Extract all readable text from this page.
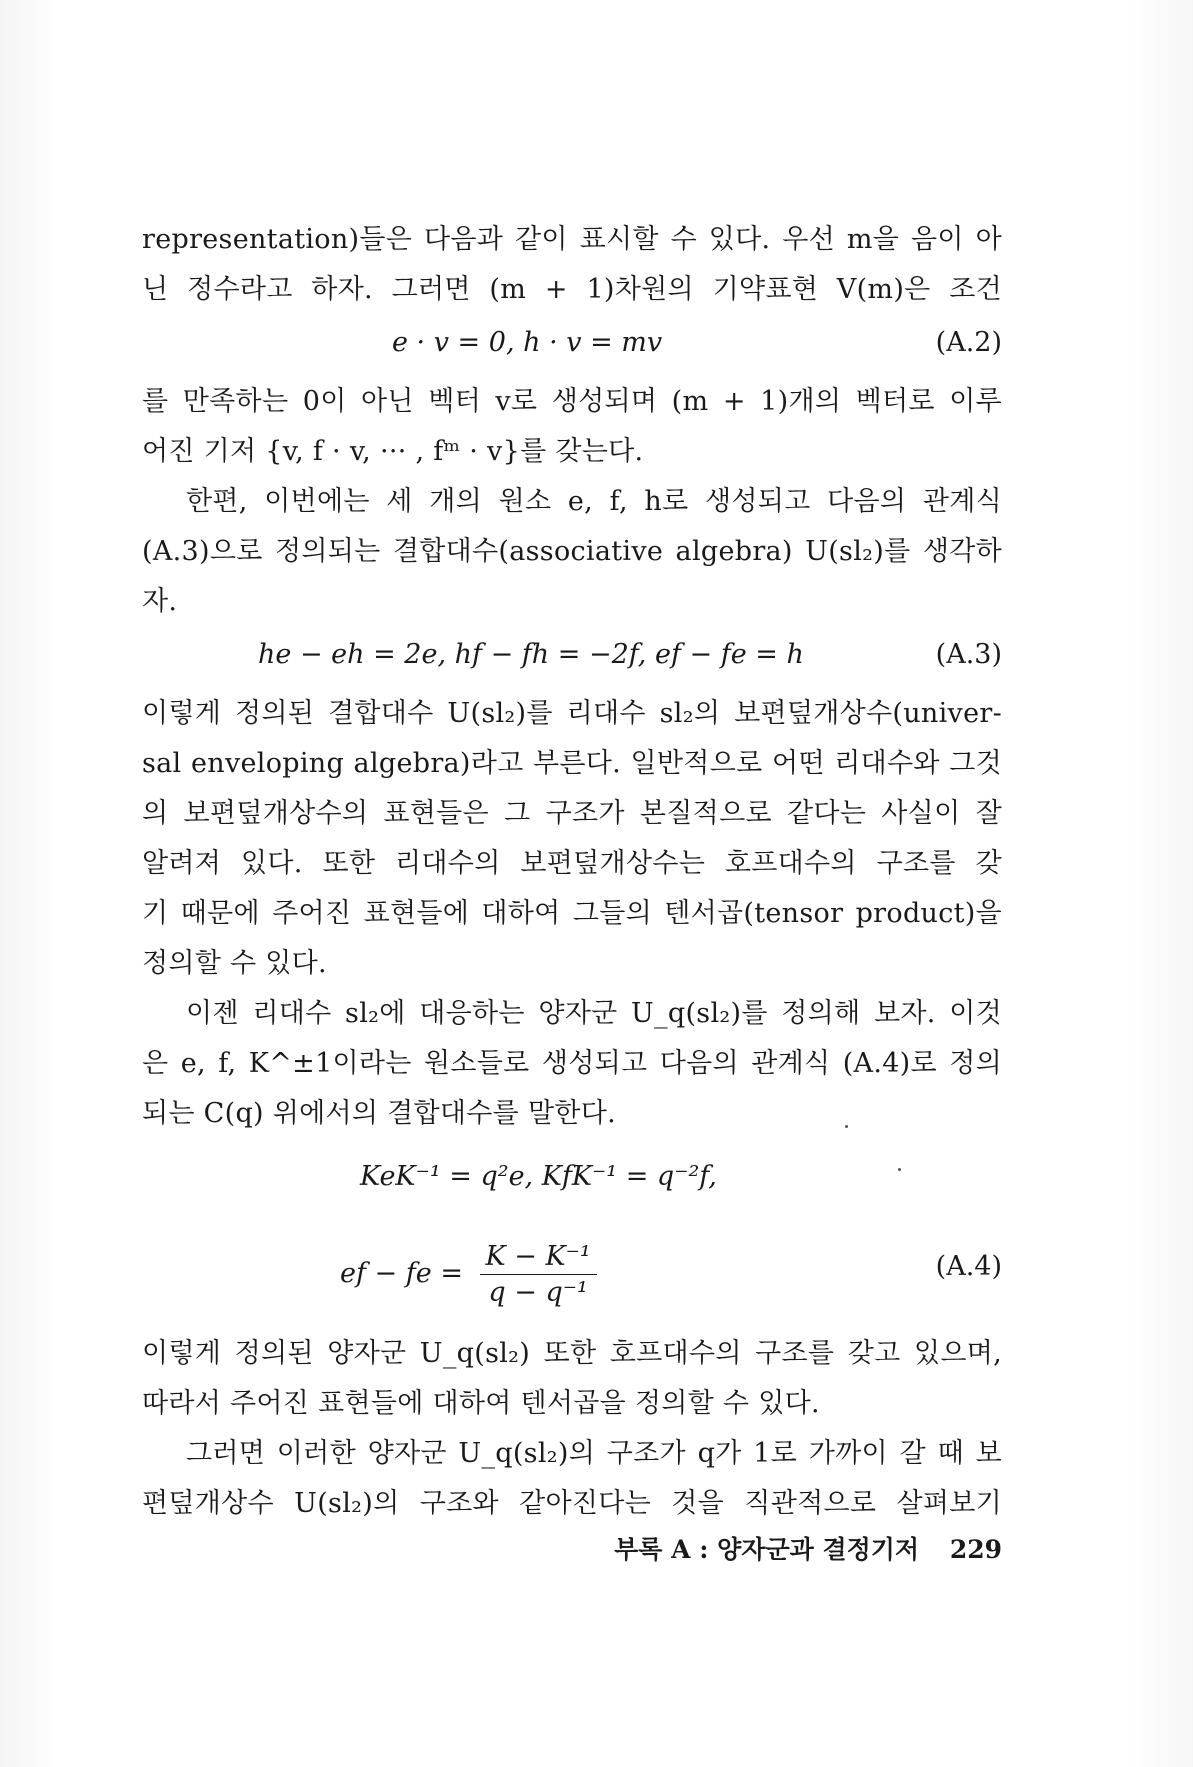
representation)들은 다음과 같이 표시할 수 있다. 우선 m을 음이 아
닌 정수라고 하자. 그러면 (m + 1)차원의 기약표현 V(m)은 조건
e · v = 0, h · v = mv	(A.2)
를 만족하는 0이 아닌 벡터 v로 생성되며 (m + 1)개의 벡터로 이루
어진 기저 {v, f · v, ··· , fᵐ · v}를 갖는다.
한편, 이번에는 세 개의 원소 e, f, h로 생성되고 다음의 관계식
(A.3)으로 정의되는 결합대수(associative algebra) U(sl₂)를 생각하
자.
he − eh = 2e, hf − fh = −2f, ef − fe = h	(A.3)
이렇게 정의된 결합대수 U(sl₂)를 리대수 sl₂의 보편덮개상수(univer-
sal enveloping algebra)라고 부른다. 일반적으로 어떤 리대수와 그것
의 보편덮개상수의 표현들은 그 구조가 본질적으로 같다는 사실이 잘
알려져 있다. 또한 리대수의 보편덮개상수는 호프대수의 구조를 갖
기 때문에 주어진 표현들에 대하여 그들의 텐서곱(tensor product)을
정의할 수 있다.
이젠 리대수 sl₂에 대응하는 양자군 U_q(sl₂)를 정의해 보자. 이것
은 e, f, K^±1이라는 원소들로 생성되고 다음의 관계식 (A.4)로 정의
되는 C(q) 위에서의 결합대수를 말한다.
KeK⁻¹ = q²e, KfK⁻¹ = q⁻²f,
ef − fe = $\frac{\text{K − K⁻¹}}{\text{q − q⁻¹}}$	(A.4)
이렇게 정의된 양자군 U_q(sl₂) 또한 호프대수의 구조를 갖고 있으며,
따라서 주어진 표현들에 대하여 텐서곱을 정의할 수 있다.
그러면 이러한 양자군 U_q(sl₂)의 구조가 q가 1로 가까이 갈 때 보
편덮개상수 U(sl₂)의 구조와 같아진다는 것을 직관적으로 살펴보기
부록 A : 양자군과 결정기저 229
